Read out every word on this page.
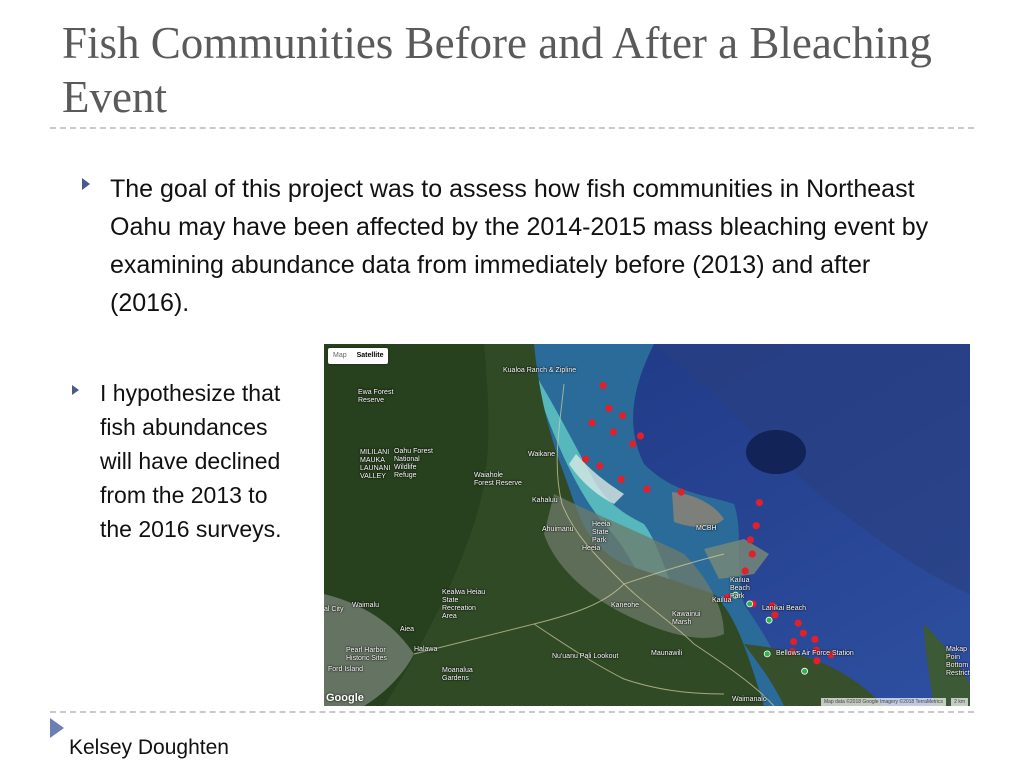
Fish Communities Before and After a Bleaching Event
The goal of this project was to assess how fish communities in Northeast Oahu may have been affected by the 2014-2015 mass bleaching event by examining abundance data from immediately before (2013) and after (2016).
I hypothesize that fish abundances will have declined from the 2013 to the 2016 surveys.
Map	Satellite
Kualoa Ranch & Zipline
Ewa Forest Reserve
MILILANI MAUKA LAUNANI VALLEY
Oahu Forest National Wildlife Refuge	Waiahole Forest Reserve
Waikane
Kahaluu
Heeia State Park
Ahuimanu
Heeia
MCBH
Kailua Beach Park
Kailua
Lanikai Beach
Kaneohe
Kawainui Marsh
Kealwa Heiau State Recreation Area
Waimalu
al City
Aiea
Pearl Harbor Historic Sites
Ford Island
Halawa
Moanalua Gardens
Nu'uanu Pali Lookout	Maunawili	Bellows Air Force Station
Waimanalo
Makap Poin Bottom Restrict
Google	Map data ©2018 Google Imagery ©2018 TerraMetrics	2 km
Kelsey Doughten
